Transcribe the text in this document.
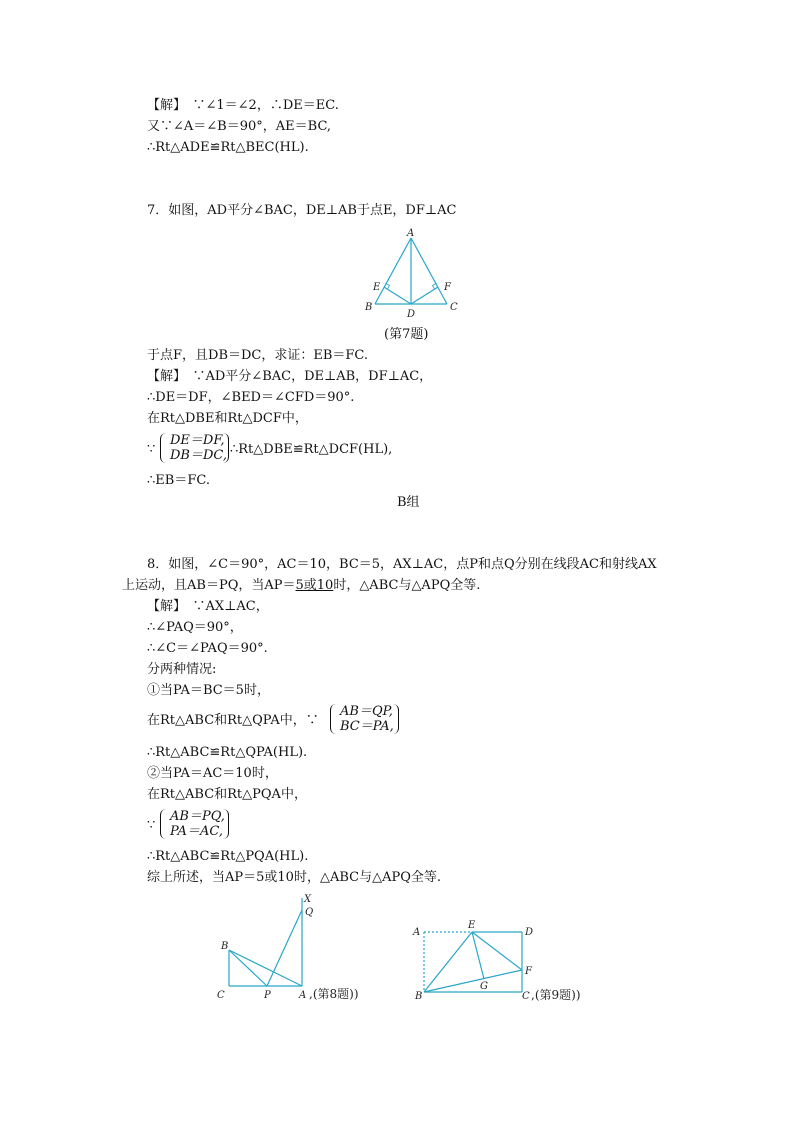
【解】　∵∠1＝∠2，∴DE＝EC.
又∵∠A＝∠B＝90°，AE＝BC,
∴Rt△ADE≌Rt△BEC(HL).
7．如图，AD平分∠BAC，DE⊥AB于点E，DF⊥AC
A
B	C
D
E	F
(第7题)
于点F，且DB＝DC，求证：EB＝FC.
【解】　∵AD平分∠BAC，DE⊥AB，DF⊥AC，
∴DE＝DF，∠BED＝∠CFD＝90°.
在Rt△DBE和Rt△DCF中，
∵
DE＝DF,
DB＝DC, ∴Rt△DBE≌Rt△DCF(HL),
∴EB＝FC.
B组
8．如图，∠C＝90°，AC＝10，BC＝5，AX⊥AC，点P和点Q分别在线段AC和射线AX
上运动，且AB＝PQ，当AP＝5或10时，△ABC与△APQ全等.
【解】　∵AX⊥AC，
∴∠PAQ＝90°，
∴∠C＝∠PAQ＝90°.
分两种情况:
①当PA＝BC＝5时，
在Rt△ABC和Rt△QPA中，∵
AB＝QP,
BC＝PA,
∴Rt△ABC≌Rt△QPA(HL).
②当PA＝AC＝10时，
在Rt△ABC和Rt△PQA中，
∵
AB＝PQ,
PA＝AC,
∴Rt△ABC≌Rt△PQA(HL).
综上所述，当AP＝5或10时，△ABC与△APQ全等.
X
Q
B
C	P	A ,(第8题))
A
E
D
F
B
G
C ,(第9题))
